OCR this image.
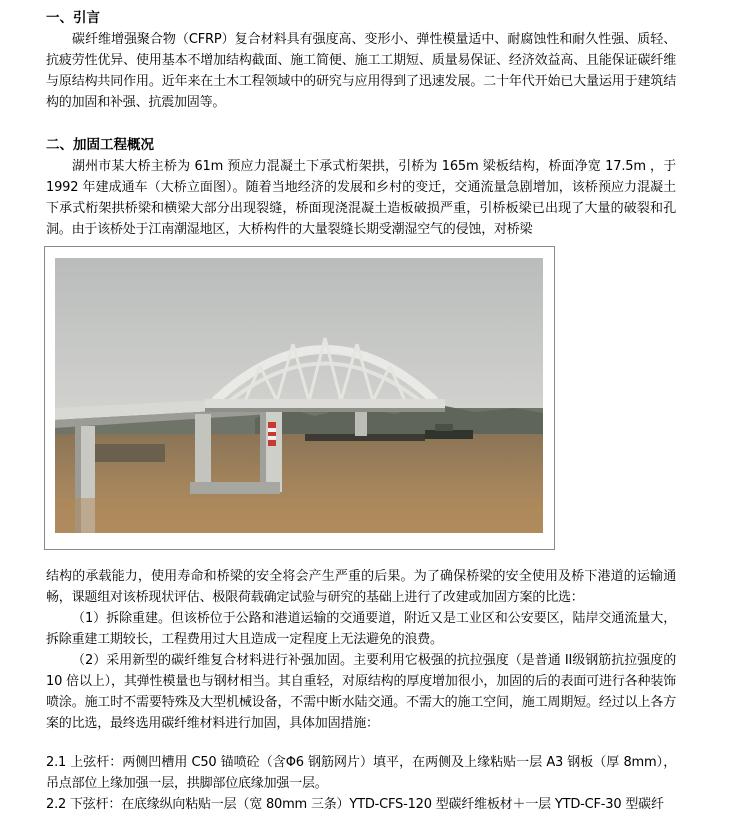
一、引言

碳纤维增强聚合物（CFRP）复合材料具有强度高、变形小、弹性模量适中、耐腐蚀性和耐久性强、质轻、抗疲劳性优异、使用基本不增加结构截面、施工简便、施工工期短、质量易保证、经济效益高、且能保证碳纤维与原结构共同作用。近年来在土木工程领域中的研究与应用得到了迅速发展。二十年代开始已大量运用于建筑结构的加固和补强、抗震加固等。

二、加固工程概况

湖州市某大桥主桥为 61m 预应力混凝土下承式桁架拱，引桥为 165m 梁板结构，桥面净宽 17.5m ，于 1992 年建成通车（大桥立面图）。随着当地经济的发展和乡村的变迁，交通流量急剧增加，该桥预应力混凝土下承式桁架拱桥梁和横梁大部分出现裂缝，桥面现浇混凝土造板破损严重，引桥板梁已出现了大量的破裂和孔洞。由于该桥处于江南潮湿地区，大桥构件的大量裂缝长期受潮湿空气的侵蚀，对桥梁

结构的承载能力，使用寿命和桥梁的安全将会产生严重的后果。为了确保桥梁的安全使用及桥下港道的运输通畅，课题组对该桥现状评估、极限荷载确定试验与研究的基础上进行了改建或加固方案的比选：

（1）拆除重建。但该桥位于公路和港道运输的交通要道，附近又是工业区和公安要区，陆岸交通流量大，拆除重建工期较长，工程费用过大且造成一定程度上无法避免的浪费。

（2）采用新型的碳纤维复合材料进行补强加固。主要利用它极强的抗拉强度（是普通 II级钢筋抗拉强度的 10 倍以上），其弹性模量也与钢材相当。其自重轻，对原结构的厚度增加很小，加固的后的表面可进行各种装饰喷涂。施工时不需要特殊及大型机械设备，不需中断水陆交通。不需大的施工空间，施工周期短。经过以上各方案的比选，最终选用碳纤维材料进行加固，具体加固措施：

2.1 上弦杆：两侧凹槽用 C50 锚喷砼（含Φ6 钢筋网片）填平，在两侧及上缘粘贴一层 A3 钢板（厚 8mm），吊点部位上缘加强一层，拱脚部位底缘加强一层。

2.2 下弦杆：在底缘纵向粘贴一层（宽 80mm 三条）YTD-CFS-120 型碳纤维板材＋一层 YTD-CF-30 型碳纤
